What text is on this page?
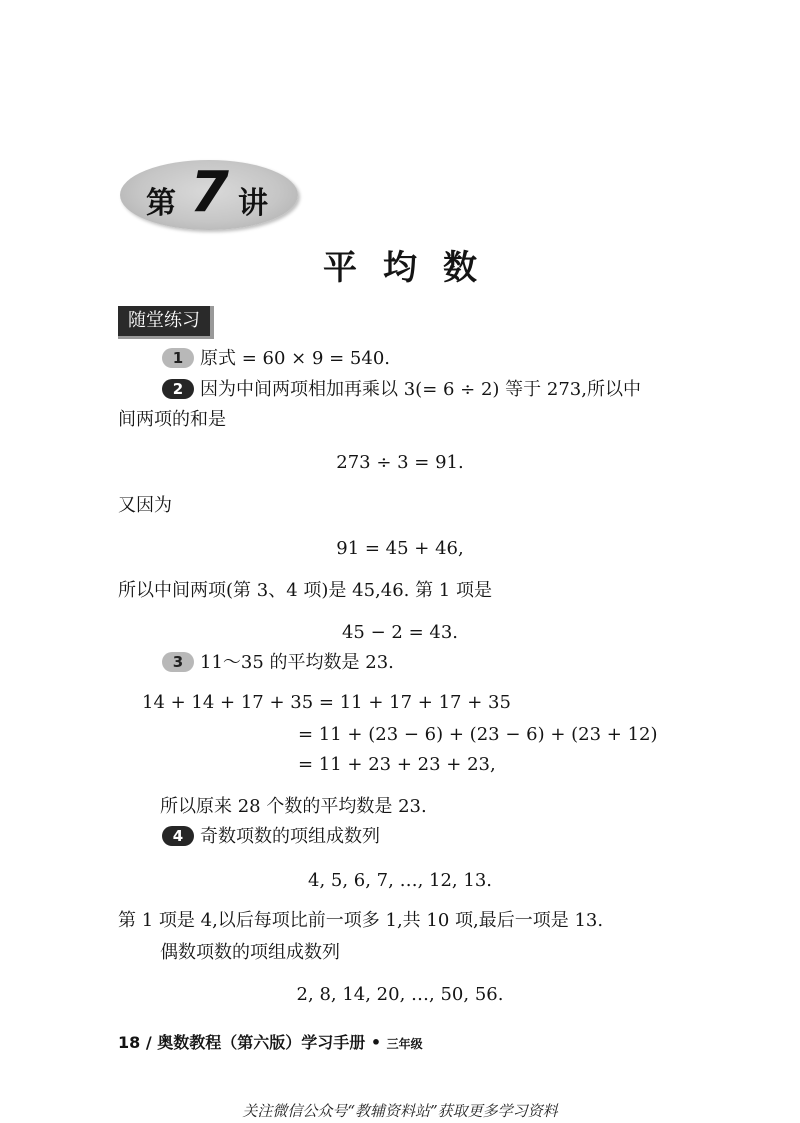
第 7 讲
平均数
随堂练习
1 原式 = 60 × 9 = 540.
2 因为中间两项相加再乘以 3(= 6 ÷ 2) 等于 273,所以中
间两项的和是
273 ÷ 3 = 91.
又因为
91 = 45 + 46,
所以中间两项(第 3、4 项)是 45,46. 第 1 项是
45 − 2 = 43.
3 11～35 的平均数是 23.
14 + 14 + 17 + 35 = 11 + 17 + 17 + 35
= 11 + (23 − 6) + (23 − 6) + (23 + 12)
= 11 + 23 + 23 + 23,
所以原来 28 个数的平均数是 23.
4 奇数项数的项组成数列
4, 5, 6, 7, …, 12, 13.
第 1 项是 4,以后每项比前一项多 1,共 10 项,最后一项是 13.
偶数项数的项组成数列
2, 8, 14, 20, …, 50, 56.
18 / 奥数教程（第六版）学习手册 • 三年级
关注微信公众号“教辅资料站”获取更多学习资料
